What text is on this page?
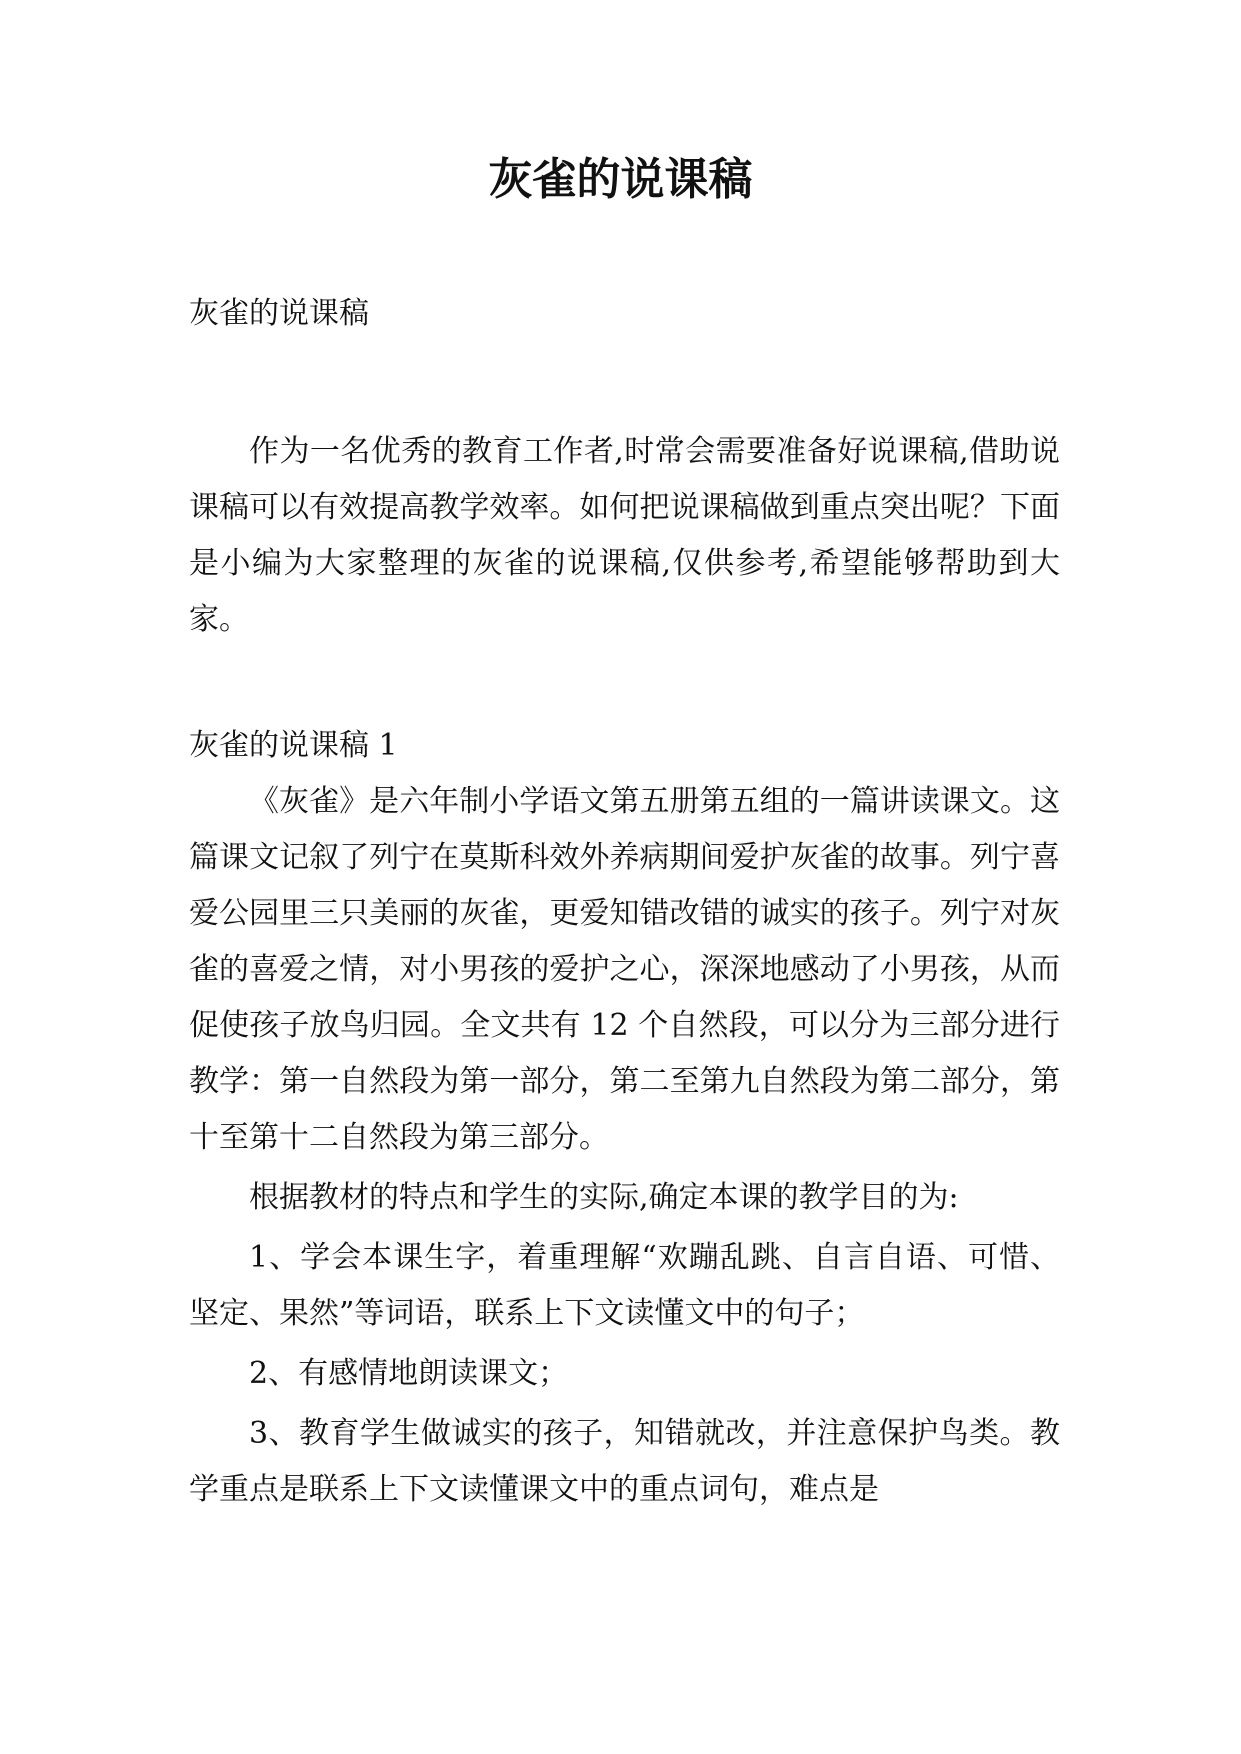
灰雀的说课稿

灰雀的说课稿

作为一名优秀的教育工作者,时常会需要准备好说课稿,借助说课稿可以有效提高教学效率。如何把说课稿做到重点突出呢？下面是小编为大家整理的灰雀的说课稿,仅供参考,希望能够帮助到大家。

灰雀的说课稿 1

《灰雀》是六年制小学语文第五册第五组的一篇讲读课文。这篇课文记叙了列宁在莫斯科效外养病期间爱护灰雀的故事。列宁喜爱公园里三只美丽的灰雀，更爱知错改错的诚实的孩子。列宁对灰雀的喜爱之情，对小男孩的爱护之心，深深地感动了小男孩，从而促使孩子放鸟归园。全文共有 12 个自然段，可以分为三部分进行教学：第一自然段为第一部分，第二至第九自然段为第二部分，第十至第十二自然段为第三部分。

根据教材的特点和学生的实际,确定本课的教学目的为:

1、学会本课生字，着重理解“欢蹦乱跳、自言自语、可惜、坚定、果然”等词语，联系上下文读懂文中的句子；

2、有感情地朗读课文；

3、教育学生做诚实的孩子，知错就改，并注意保护鸟类。教学重点是联系上下文读懂课文中的重点词句，难点是
